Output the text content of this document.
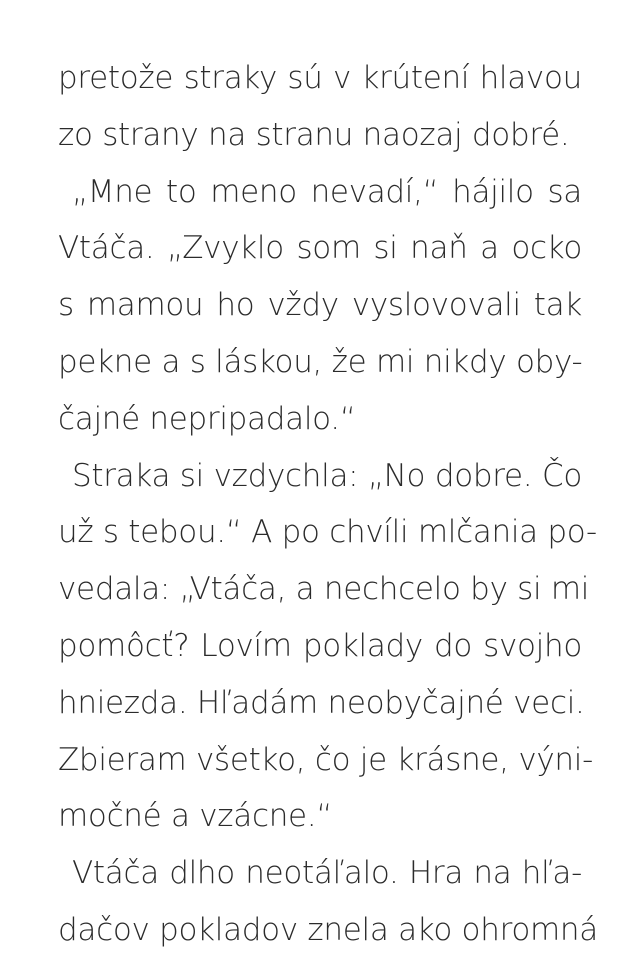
pretože straky sú v krútení hlavou
zo strany na stranu naozaj dobré.
„Mne to meno nevadí,“ hájilo sa
Vtáča. „Zvyklo som si naň a ocko
s mamou ho vždy vyslovovali tak
pekne a s láskou, že mi nikdy oby-
čajné nepripadalo.“
Straka si vzdychla: „No dobre. Čo
už s tebou.“ A po chvíli mlčania po-
vedala: „Vtáča, a nechcelo by si mi
pomôcť? Lovím poklady do svojho
hniezda. Hľadám neobyčajné veci.
Zbieram všetko, čo je krásne, výni-
močné a vzácne.“
Vtáča dlho neotáľalo. Hra na hľa-
dačov pokladov znela ako ohromná
